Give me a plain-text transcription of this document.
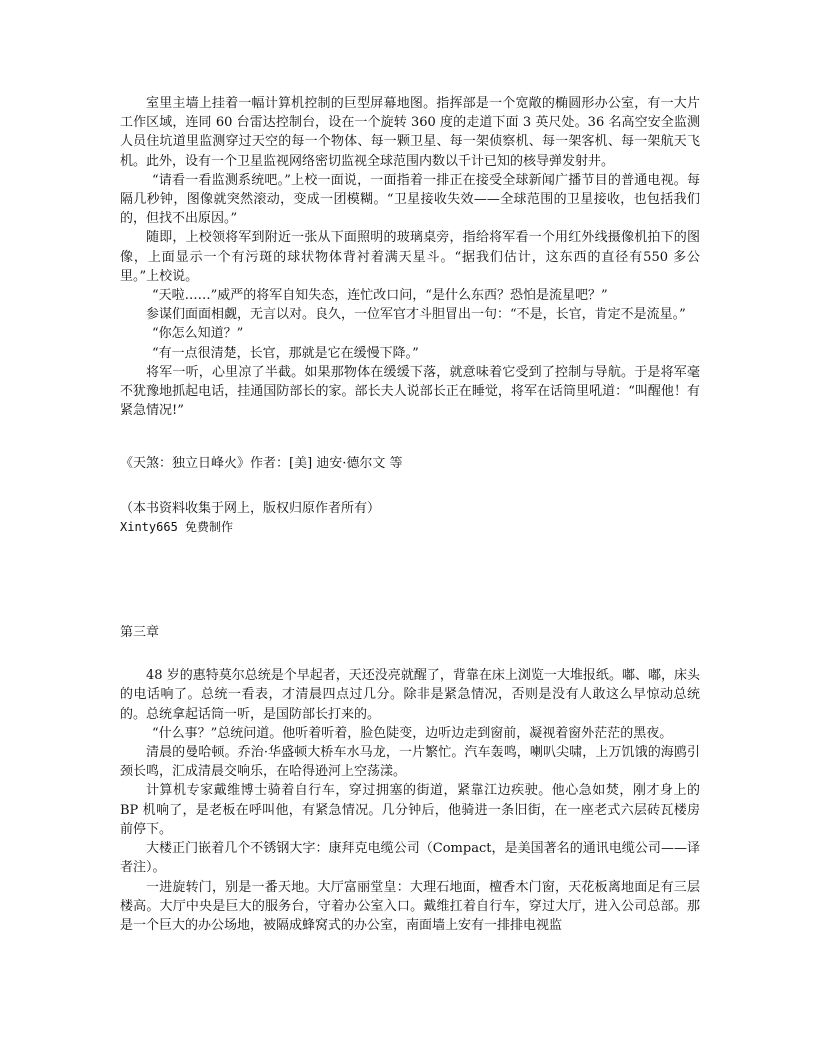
室里主墙上挂着一幅计算机控制的巨型屏幕地图。指挥部是一个宽敞的椭圆形办公室，有一大片工作区域，连同 60 台雷达控制台，设在一个旋转 360 度的走道下面 3 英尺处。36 名高空安全监测人员住坑道里监测穿过天空的每一个物体、每一颗卫星、每一架侦察机、每一架客机、每一架航天飞机。此外，设有一个卫星监视网络密切监视全球范围内数以千计已知的核导弹发射井。

“请看一看监测系统吧。”上校一面说，一面指着一排正在接受全球新闻广播节目的普通电视。每隔几秒钟，图像就突然滚动，变成一团模糊。“卫星接收失效——全球范围的卫星接收，也包括我们的，但找不出原因。”

随即，上校领将军到附近一张从下面照明的玻璃桌旁，指给将军看一个用红外线摄像机拍下的图像，上面显示一个有污斑的球状物体背衬着满天星斗。“据我们估计，这东西的直径有550 多公里。”上校说。

“天啦……”威严的将军自知失态，连忙改口问，“是什么东西？恐怕是流星吧？”

参谋们面面相觑，无言以对。良久，一位军官才斗胆冒出一句：“不是，长官，肯定不是流星。”

“你怎么知道？”

“有一点很清楚，长官，那就是它在缓慢下降。”

将军一听，心里凉了半截。如果那物体在缓缓下落，就意味着它受到了控制与导航。于是将军毫不犹豫地抓起电话，挂通国防部长的家。部长夫人说部长正在睡觉，将军在话筒里吼道：“叫醒他！有紧急情况!”

《天煞：独立日峰火》作者：[美] 迪安·德尔文 等

（本书资料收集于网上，版权归原作者所有）

Xinty665 免费制作

第三章

48 岁的惠特莫尔总统是个早起者，天还没亮就醒了，背靠在床上浏览一大堆报纸。嘟、嘟，床头的电话响了。总统一看表，才清晨四点过几分。除非是紧急情况，否则是没有人敢这么早惊动总统的。总统拿起话筒一听，是国防部长打来的。

“什么事？”总统问道。他听着听着，脸色陡变，边听边走到窗前，凝视着窗外茫茫的黑夜。

清晨的曼哈顿。乔治·华盛顿大桥车水马龙，一片繁忙。汽车轰鸣，喇叭尖啸，上万饥饿的海鸥引颈长鸣，汇成清晨交响乐，在哈得逊河上空荡漾。

计算机专家戴维博士骑着自行车，穿过拥塞的街道，紧靠江边疾驶。他心急如焚，刚才身上的 BP 机响了，是老板在呼叫他，有紧急情况。几分钟后，他骑进一条旧街，在一座老式六层砖瓦楼房前停下。

大楼正门嵌着几个不锈钢大字：康拜克电缆公司（Compact，是美国著名的通讯电缆公司——译者注）。

一进旋转门，别是一番天地。大厅富丽堂皇：大理石地面，檀香木门窗，天花板离地面足有三层楼高。大厅中央是巨大的服务台，守着办公室入口。戴维扛着自行车，穿过大厅，进入公司总部。那是一个巨大的办公场地，被隔成蜂窝式的办公室，南面墙上安有一排排电视监
